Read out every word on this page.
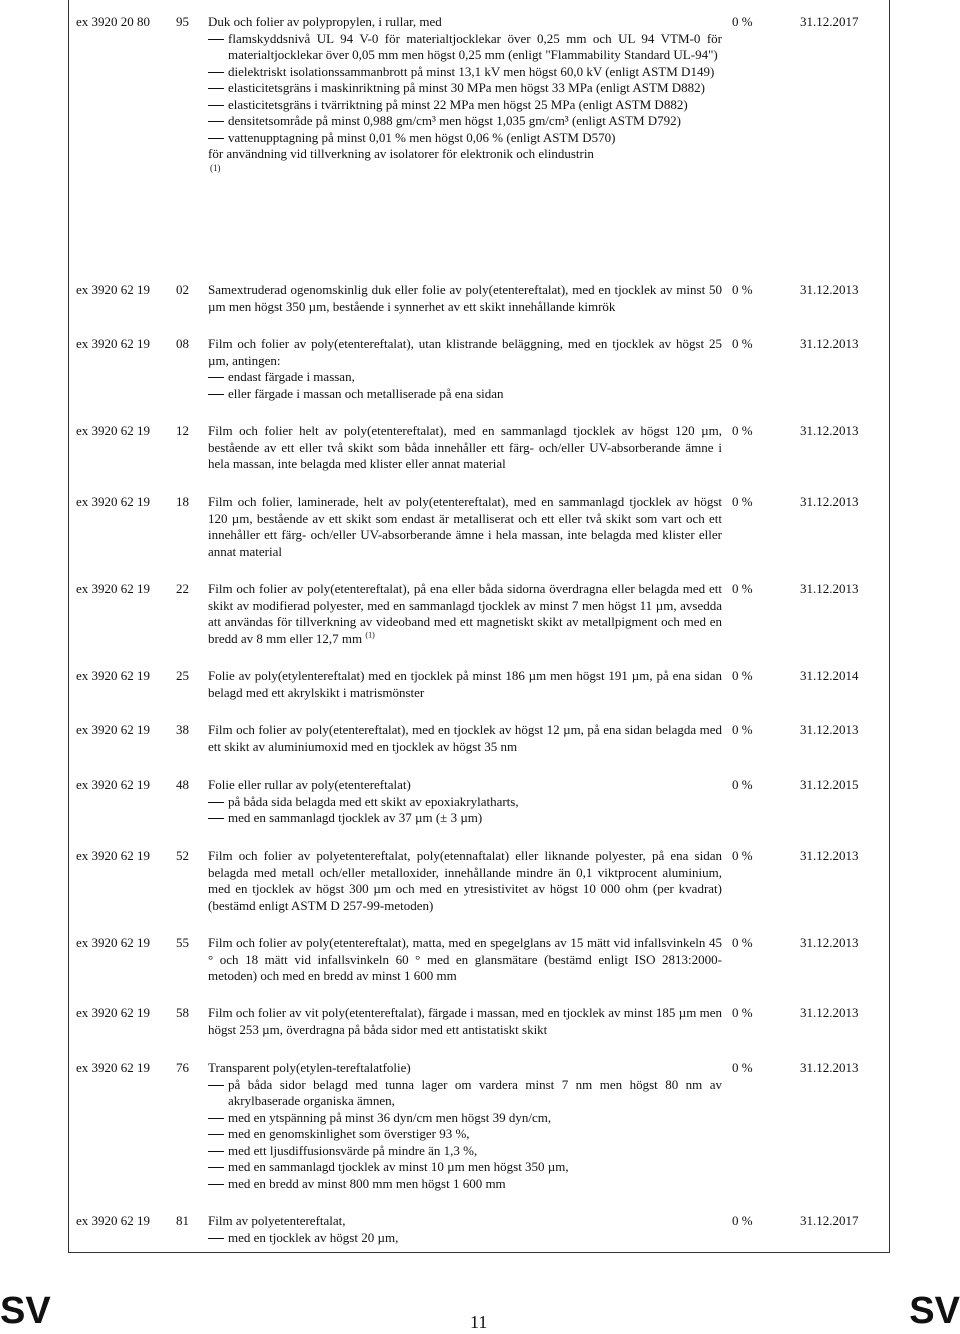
ex 3920 20 80	95	Duk och folier av polypropylen, i rullar, med
flamskyddsnivå UL 94 V-0 för materialtjocklekar över 0,25 mm och UL 94 VTM-0 för materialtjocklekar över 0,05 mm men högst 0,25 mm (enligt "Flammability Standard UL-94")
dielektriskt isolationssammanbrott på minst 13,1 kV men högst 60,0 kV (enligt ASTM D149)
elasticitetsgräns i maskinriktning på minst 30 MPa men högst 33 MPa (enligt ASTM D882)
elasticitetsgräns i tvärriktning på minst 22 MPa men högst 25 MPa (enligt ASTM D882)
densitetsområde på minst 0,988 gm/cm³ men högst 1,035 gm/cm³ (enligt ASTM D792)
vattenupptagning på minst 0,01 % men högst 0,06 % (enligt ASTM D570)
för användning vid tillverkning av isolatorer för elektronik och elindustrin
(1)
0 %	31.12.2017
ex 3920 62 19	02	Samextruderad ogenomskinlig duk eller folie av poly(etentereftalat), med en tjocklek av minst 50 µm men högst 350 µm, bestående i synnerhet av ett skikt innehållande kimrök
0 %	31.12.2013
ex 3920 62 19	08	Film och folier av poly(etentereftalat), utan klistrande beläggning, med en tjocklek av högst 25 µm, antingen:
endast färgade i massan,
eller färgade i massan och metalliserade på ena sidan
0 %	31.12.2013
ex 3920 62 19	12	Film och folier helt av poly(etentereftalat), med en sammanlagd tjocklek av högst 120 µm, bestående av ett eller två skikt som båda innehåller ett färg- och/eller UV-absorberande ämne i hela massan, inte belagda med klister eller annat material
0 %	31.12.2013
ex 3920 62 19	18	Film och folier, laminerade, helt av poly(etentereftalat), med en sammanlagd tjocklek av högst 120 µm, bestående av ett skikt som endast är metalliserat och ett eller två skikt som vart och ett innehåller ett färg- och/eller UV-absorberande ämne i hela massan, inte belagda med klister eller annat material
0 %	31.12.2013
ex 3920 62 19	22	Film och folier av poly(etentereftalat), på ena eller båda sidorna överdragna eller belagda med ett skikt av modifierad polyester, med en sammanlagd tjocklek av minst 7 men högst 11 µm, avsedda att användas för tillverkning av videoband med ett magnetiskt skikt av metallpigment och med en bredd av 8 mm eller 12,7 mm $^{(1)}$
0 %	31.12.2013
ex 3920 62 19	25	Folie av poly(etylentereftalat) med en tjocklek på minst 186 µm men högst 191 µm, på ena sidan belagd med ett akrylskikt i matrismönster
0 %	31.12.2014
ex 3920 62 19	38	Film och folier av poly(etentereftalat), med en tjocklek av högst 12 µm, på ena sidan belagda med ett skikt av aluminiumoxid med en tjocklek av högst 35 nm
0 %	31.12.2013
ex 3920 62 19	48	Folie eller rullar av poly(etentereftalat)
på båda sida belagda med ett skikt av epoxiakrylatharts,
med en sammanlagd tjocklek av 37 µm (± 3 µm)
0 %	31.12.2015
ex 3920 62 19	52	Film och folier av polyetentereftalat, poly(etennaftalat) eller liknande polyester, på ena sidan belagda med metall och/eller metalloxider, innehållande mindre än 0,1 viktprocent aluminium, med en tjocklek av högst 300 µm och med en ytresistivitet av högst 10 000 ohm (per kvadrat) (bestämd enligt ASTM D 257-99-metoden)
0 %	31.12.2013
ex 3920 62 19	55	Film och folier av poly(etentereftalat), matta, med en spegelglans av 15 mätt vid infallsvinkeln 45 ° och 18 mätt vid infallsvinkeln 60 ° med en glansmätare (bestämd enligt ISO 2813:2000-metoden) och med en bredd av minst 1 600 mm
0 %	31.12.2013
ex 3920 62 19	58	Film och folier av vit poly(etentereftalat), färgade i massan, med en tjocklek av minst 185 µm men högst 253 µm, överdragna på båda sidor med ett antistatiskt skikt
0 %	31.12.2013
ex 3920 62 19	76	Transparent poly(etylen-tereftalatfolie)
på båda sidor belagd med tunna lager om vardera minst 7 nm men högst 80 nm av akrylbaserade organiska ämnen,
med en ytspänning på minst 36 dyn/cm men högst 39 dyn/cm,
med en genomskinlighet som överstiger 93 %,
med ett ljusdiffusionsvärde på mindre än 1,3 %,
med en sammanlagd tjocklek av minst 10 µm men högst 350 µm,
med en bredd av minst 800 mm men högst 1 600 mm
0 %	31.12.2013
ex 3920 62 19	81	Film av polyetentereftalat,
med en tjocklek av högst 20 µm,
0 %	31.12.2017
SV	11	SV
